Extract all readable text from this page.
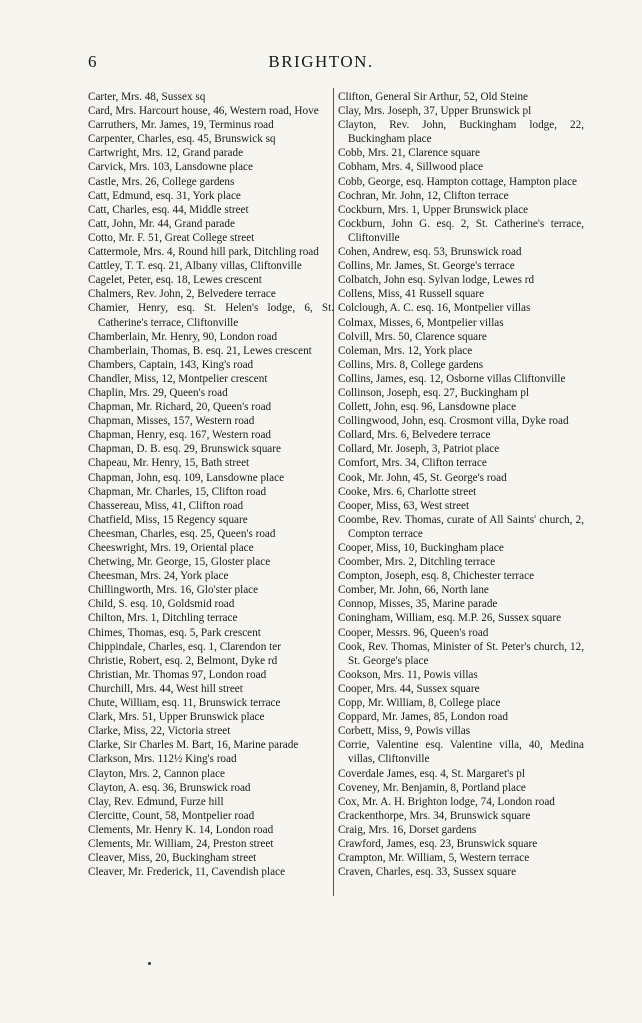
6	BRIGHTON.
Carter, Mrs. 48, Sussex sq
Card, Mrs. Harcourt house, 46, Western road, Hove
Carruthers, Mr. James, 19, Terminus road
Carpenter, Charles, esq. 45, Brunswick sq
Cartwright, Mrs. 12, Grand parade
Carvick, Mrs. 103, Lansdowne place
Castle, Mrs. 26, College gardens
Catt, Edmund, esq. 31, York place
Catt, Charles, esq. 44, Middle street
Catt, John, Mr. 44, Grand parade
Cotto, Mr. F. 51, Great College street
Cattermole, Mrs. 4, Round hill park, Ditchling road
Cattley, T. T. esq. 21, Albany villas, Cliftonville
Cagelet, Peter, esq. 18, Lewes crescent
Chalmers, Rev. John, 2, Belvedere terrace
Chamier, Henry, esq. St. Helen's lodge, 6, St. Catherine's terrace, Cliftonville
Chamberlain, Mr. Henry, 90, London road
Chamberlain, Thomas, B. esq. 21, Lewes crescent
Chambers, Captain, 143, King's road
Chandler, Miss, 12, Montpelier crescent
Chaplin, Mrs. 29, Queen's road
Chapman, Mr. Richard, 20, Queen's road
Chapman, Misses, 157, Western road
Chapman, Henry, esq. 167, Western road
Chapman, D. B. esq. 29, Brunswick square
Chapeau, Mr. Henry, 15, Bath street
Chapman, John, esq. 109, Lansdowne place
Chapman, Mr. Charles, 15, Clifton road
Chassereau, Miss, 41, Clifton road
Chatfield, Miss, 15 Regency square
Cheesman, Charles, esq. 25, Queen's road
Cheeswright, Mrs. 19, Oriental place
Chetwing, Mr. George, 15, Gloster place
Cheesman, Mrs. 24, York place
Chillingworth, Mrs. 16, Glo'ster place
Child, S. esq. 10, Goldsmid road
Chilton, Mrs. 1, Ditchling terrace
Chimes, Thomas, esq. 5, Park crescent
Chippindale, Charles, esq. 1, Clarendon ter
Christie, Robert, esq. 2, Belmont, Dyke rd
Christian, Mr. Thomas 97, London road
Churchill, Mrs. 44, West hill street
Chute, William, esq. 11, Brunswick terrace
Clark, Mrs. 51, Upper Brunswick place
Clarke, Miss, 22, Victoria street
Clarke, Sir Charles M. Bart, 16, Marine parade
Clarkson, Mrs. 112½ King's road
Clayton, Mrs. 2, Cannon place
Clayton, A. esq. 36, Brunswick road
Clay, Rev. Edmund, Furze hill
Clercitte, Count, 58, Montpelier road
Clements, Mr. Henry K. 14, London road
Clements, Mr. William, 24, Preston street
Cleaver, Miss, 20, Buckingham street
Cleaver, Mr. Frederick, 11, Cavendish place
Clifton, General Sir Arthur, 52, Old Steine
Clay, Mrs. Joseph, 37, Upper Brunswick pl
Clayton, Rev. John, Buckingham lodge, 22, Buckingham place
Cobb, Mrs. 21, Clarence square
Cobham, Mrs. 4, Sillwood place
Cobb, George, esq. Hampton cottage, Hampton place
Cochran, Mr. John, 12, Clifton terrace
Cockburn, Mrs. 1, Upper Brunswick place
Cockburn, John G. esq. 2, St. Catherine's terrace, Cliftonville
Cohen, Andrew, esq. 53, Brunswick road
Collins, Mr. James, St. George's terrace
Colbatch, John esq. Sylvan lodge, Lewes rd
Collens, Miss, 41 Russell square
Colclough, A. C. esq. 16, Montpelier villas
Colmax, Misses, 6, Montpelier villas
Colvill, Mrs. 50, Clarence square
Coleman, Mrs. 12, York place
Collins, Mrs. 8, College gardens
Collins, James, esq. 12, Osborne villas Cliftonville
Collinson, Joseph, esq. 27, Buckingham pl
Collett, John, esq. 96, Lansdowne place
Collingwood, John, esq. Crosmont villa, Dyke road
Collard, Mrs. 6, Belvedere terrace
Collard, Mr. Joseph, 3, Patriot place
Comfort, Mrs. 34, Clifton terrace
Cook, Mr. John, 45, St. George's road
Cooke, Mrs. 6, Charlotte street
Cooper, Miss, 63, West street
Coombe, Rev. Thomas, curate of All Saints' church, 2, Compton terrace
Cooper, Miss, 10, Buckingham place
Coomber, Mrs. 2, Ditchling terrace
Compton, Joseph, esq. 8, Chichester terrace
Comber, Mr. John, 66, North lane
Connop, Misses, 35, Marine parade
Coningham, William, esq. M.P. 26, Sussex square
Cooper, Messrs. 96, Queen's road
Cook, Rev. Thomas, Minister of St. Peter's church, 12, St. George's place
Cookson, Mrs. 11, Powis villas
Cooper, Mrs. 44, Sussex square
Copp, Mr. William, 8, College place
Coppard, Mr. James, 85, London road
Corbett, Miss, 9, Powis villas
Corrie, Valentine esq. Valentine villa, 40, Medina villas, Cliftonville
Coverdale James, esq. 4, St. Margaret's pl
Coveney, Mr. Benjamin, 8, Portland place
Cox, Mr. A. H. Brighton lodge, 74, London road
Crackenthorpe, Mrs. 34, Brunswick square
Craig, Mrs. 16, Dorset gardens
Crawford, James, esq. 23, Brunswick square
Crampton, Mr. William, 5, Western terrace
Craven, Charles, esq. 33, Sussex square
